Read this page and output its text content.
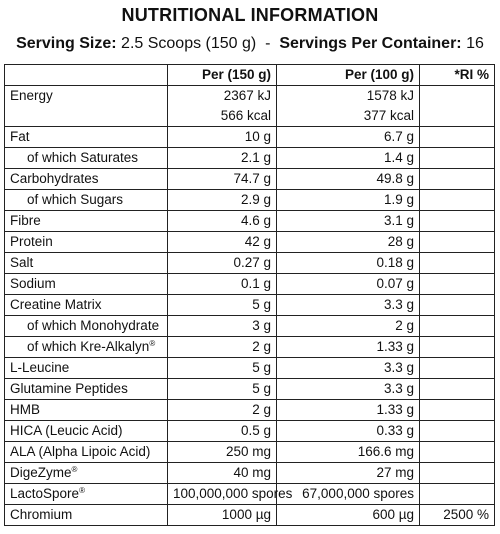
NUTRITIONAL INFORMATION
Serving Size: 2.5 Scoops (150 g) - Servings Per Container: 16
	Per (150 g)	Per (100 g)	*RI %
Energy	2367 kJ	1578 kJ	
	566 kcal	377 kcal	
Fat	10 g	6.7 g	
of which Saturates	2.1 g	1.4 g	
Carbohydrates	74.7 g	49.8 g	
of which Sugars	2.9 g	1.9 g	
Fibre	4.6 g	3.1 g	
Protein	42 g	28 g	
Salt	0.27 g	0.18 g	
Sodium	0.1 g	0.07 g	
Creatine Matrix	5 g	3.3 g	
of which Monohydrate	3 g	2 g	
of which Kre-Alkalyn®	2 g	1.33 g	
L-Leucine	5 g	3.3 g	
Glutamine Peptides	5 g	3.3 g	
HMB	2 g	1.33 g	
HICA (Leucic Acid)	0.5 g	0.33 g	
ALA (Alpha Lipoic Acid)	250 mg	166.6 mg	
DigeZyme®	40 mg	27 mg	
LactoSpore®	100,000,000 spores	67,000,000 spores	
Chromium	1000 µg	600 µg	2500 %
